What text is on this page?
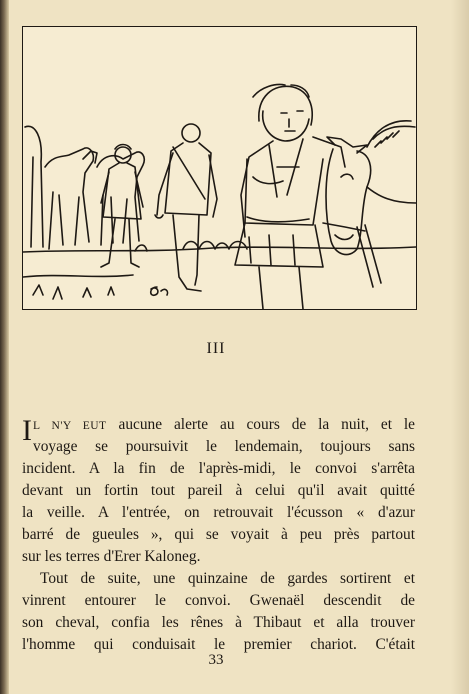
III
I L N'Y EUT aucune alerte au cours de la nuit, et le
voyage se poursuivit le lendemain, toujours sans
incident. A la fin de l'après-midi, le convoi s'arrêta
devant un fortin tout pareil à celui qu'il avait quitté
la veille. A l'entrée, on retrouvait l'écusson « d'azur
barré de gueules », qui se voyait à peu près partout
sur les terres d'Erer Kaloneg.
Tout de suite, une quinzaine de gardes sortirent et
vinrent entourer le convoi. Gwenaël descendit de
son cheval, confia les rênes à Thibaut et alla trouver
l'homme qui conduisait le premier chariot. C'était
33
